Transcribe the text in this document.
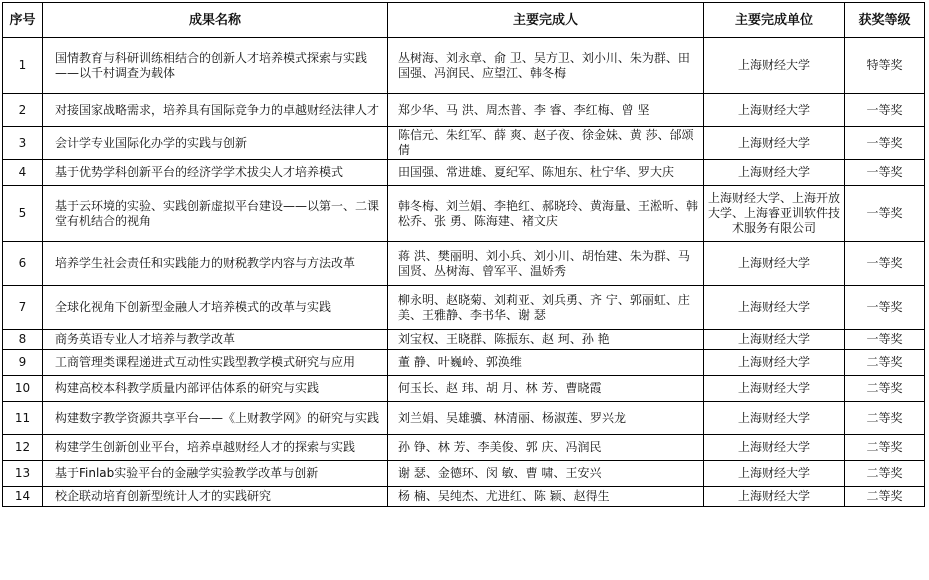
序号	成果名称	主要完成人	主要完成单位	获奖等级
1	国情教育与科研训练相结合的创新人才培养模式探索与实践——以千村调查为载体	丛树海、刘永章、俞 卫、吴方卫、刘小川、朱为群、田国强、冯润民、应望江、韩冬梅	上海财经大学	特等奖
2	对接国家战略需求，培养具有国际竞争力的卓越财经法律人才	郑少华、马 洪、周杰普、李 睿、李红梅、曾 坚	上海财经大学	一等奖
3	会计学专业国际化办学的实践与创新	陈信元、朱红军、薛 爽、赵子夜、徐金妹、黄 莎、邰颂倩	上海财经大学	一等奖
4	基于优势学科创新平台的经济学学术拔尖人才培养模式	田国强、常进雄、夏纪军、陈旭东、杜宁华、罗大庆	上海财经大学	一等奖
5	基于云环境的实验、实践创新虚拟平台建设——以第一、二课堂有机结合的视角	韩冬梅、刘兰娟、李艳红、郝晓玲、黄海量、王淞昕、韩松乔、张 勇、陈海建、褚文庆	上海财经大学、上海开放大学、上海睿亚训软件技术服务有限公司	一等奖
6	培养学生社会责任和实践能力的财税教学内容与方法改革	蒋 洪、樊丽明、刘小兵、刘小川、胡怡建、朱为群、马国贤、丛树海、曾军平、温娇秀	上海财经大学	一等奖
7	全球化视角下创新型金融人才培养模式的改革与实践	柳永明、赵晓菊、刘莉亚、刘兵勇、齐 宁、郭丽虹、庄 美、王雅静、李书华、谢 瑟	上海财经大学	一等奖
8	商务英语专业人才培养与教学改革	刘宝权、王晓群、陈振东、赵 珂、孙 艳	上海财经大学	一等奖
9	工商管理类课程递进式互动性实践型教学模式研究与应用	董 静、叶巍岭、郭涣维	上海财经大学	二等奖
10	构建高校本科教学质量内部评估体系的研究与实践	何玉长、赵 玮、胡 月、林 芳、曹晓霞	上海财经大学	二等奖
11	构建数字教学资源共享平台——《上财教学网》的研究与实践	刘兰娟、吴雄骥、林清丽、杨淑莲、罗兴龙	上海财经大学	二等奖
12	构建学生创新创业平台，培养卓越财经人才的探索与实践	孙 铮、林 芳、李美俊、郭 庆、冯润民	上海财经大学	二等奖
13	基于Finlab实验平台的金融学实验教学改革与创新	谢 瑟、金德环、闵 敏、曹 啸、王安兴	上海财经大学	二等奖
14	校企联动培育创新型统计人才的实践研究	杨 楠、吴纯杰、尤进红、陈 颖、赵得生	上海财经大学	二等奖
